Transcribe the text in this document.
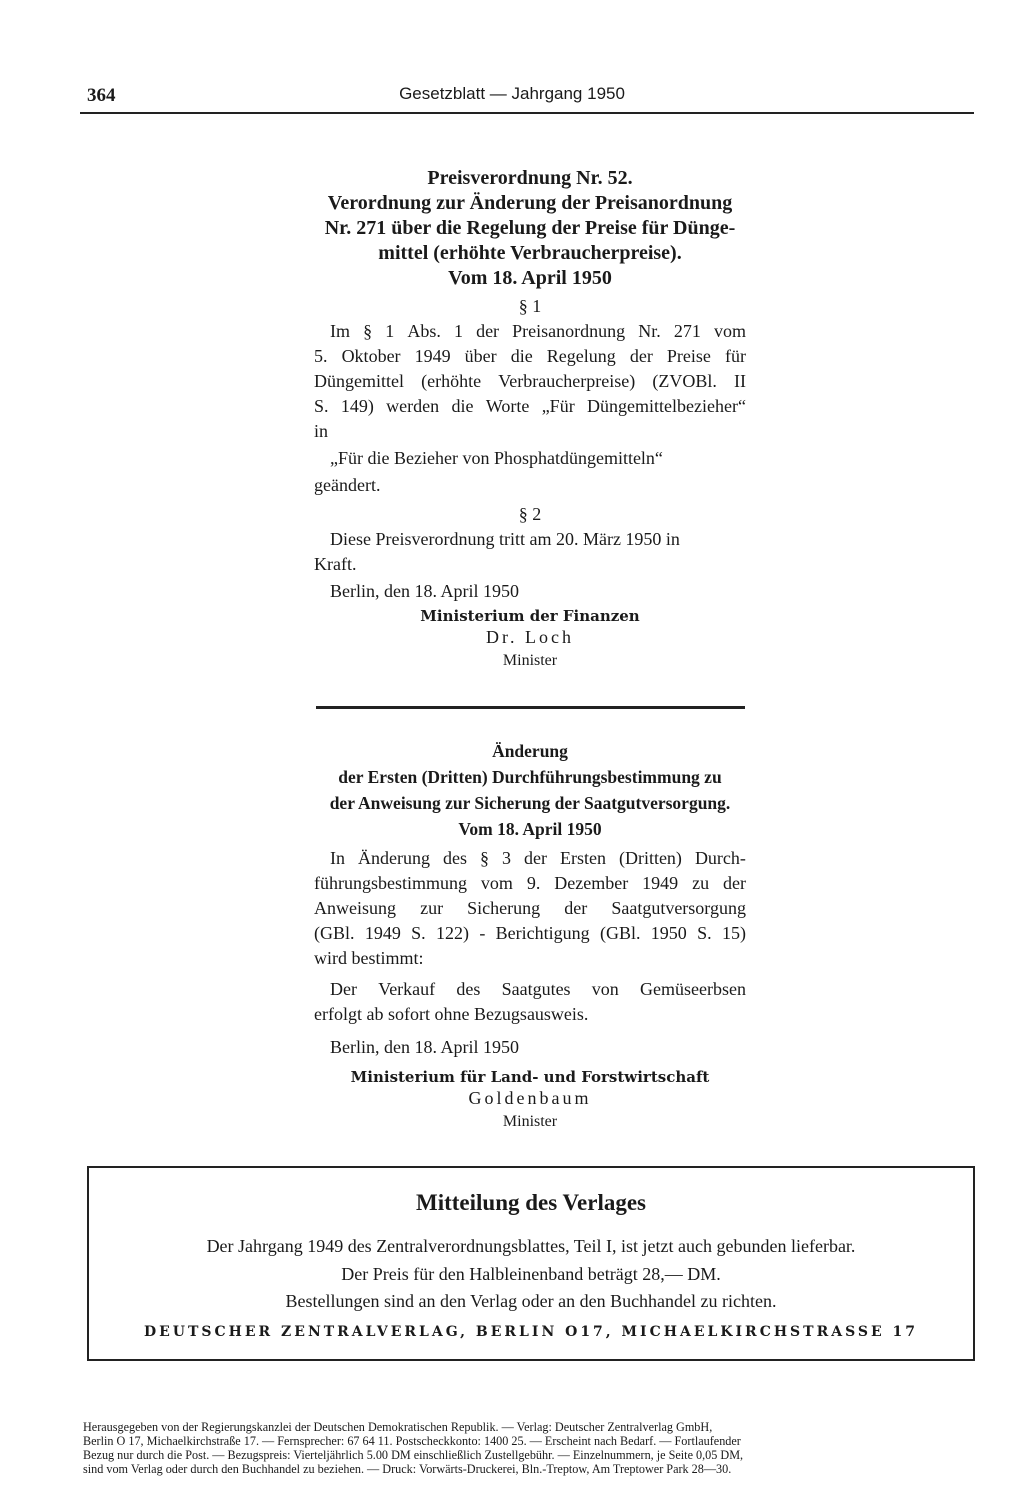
364	Gesetzblatt — Jahrgang 1950
Preisverordnung Nr. 52.
Verordnung zur Änderung der Preisanordnung
Nr. 271 über die Regelung der Preise für Dünge-
mittel (erhöhte Verbraucherpreise).
Vom 18. April 1950
§ 1
Im § 1 Abs. 1 der Preisanordnung Nr. 271 vom
5. Oktober 1949 über die Regelung der Preise für
Düngemittel (erhöhte Verbraucherpreise) (ZVOBl. II
S. 149) werden die Worte „Für Düngemittelbezieher“
in
„Für die Bezieher von Phosphatdüngemitteln“
geändert.
§ 2
Diese Preisverordnung tritt am 20. März 1950 in
Kraft.
Berlin, den 18. April 1950
Ministerium der Finanzen
Dr. Loch
Minister
Änderung
der Ersten (Dritten) Durchführungsbestimmung zu
der Anweisung zur Sicherung der Saatgutversorgung.
Vom 18. April 1950
In Änderung des § 3 der Ersten (Dritten) Durch-
führungsbestimmung vom 9. Dezember 1949 zu der
Anweisung zur Sicherung der Saatgutversorgung
(GBl. 1949 S. 122) - Berichtigung (GBl. 1950 S. 15)
wird bestimmt:
Der Verkauf des Saatgutes von Gemüseerbsen
erfolgt ab sofort ohne Bezugsausweis.
Berlin, den 18. April 1950
Ministerium für Land- und Forstwirtschaft
Goldenbaum
Minister
Mitteilung des Verlages
Der Jahrgang 1949 des Zentralverordnungsblattes, Teil I, ist jetzt auch gebunden lieferbar.
Der Preis für den Halbleinenband beträgt 28,— DM.
Bestellungen sind an den Verlag oder an den Buchhandel zu richten.
DEUTSCHER ZENTRALVERLAG, BERLIN O17, MICHAELKIRCHSTRASSE 17
Herausgegeben von der Regierungskanzlei der Deutschen Demokratischen Republik. — Verlag: Deutscher Zentralverlag GmbH,
Berlin O 17, Michaelkirchstraße 17. — Fernsprecher: 67 64 11. Postscheckkonto: 1400 25. — Erscheint nach Bedarf. — Fortlaufender
Bezug nur durch die Post. — Bezugspreis: Vierteljährlich 5.00 DM einschließlich Zustellgebühr. — Einzelnummern, je Seite 0,05 DM,
sind vom Verlag oder durch den Buchhandel zu beziehen. — Druck: Vorwärts-Druckerei, Bln.-Treptow, Am Treptower Park 28—30.
